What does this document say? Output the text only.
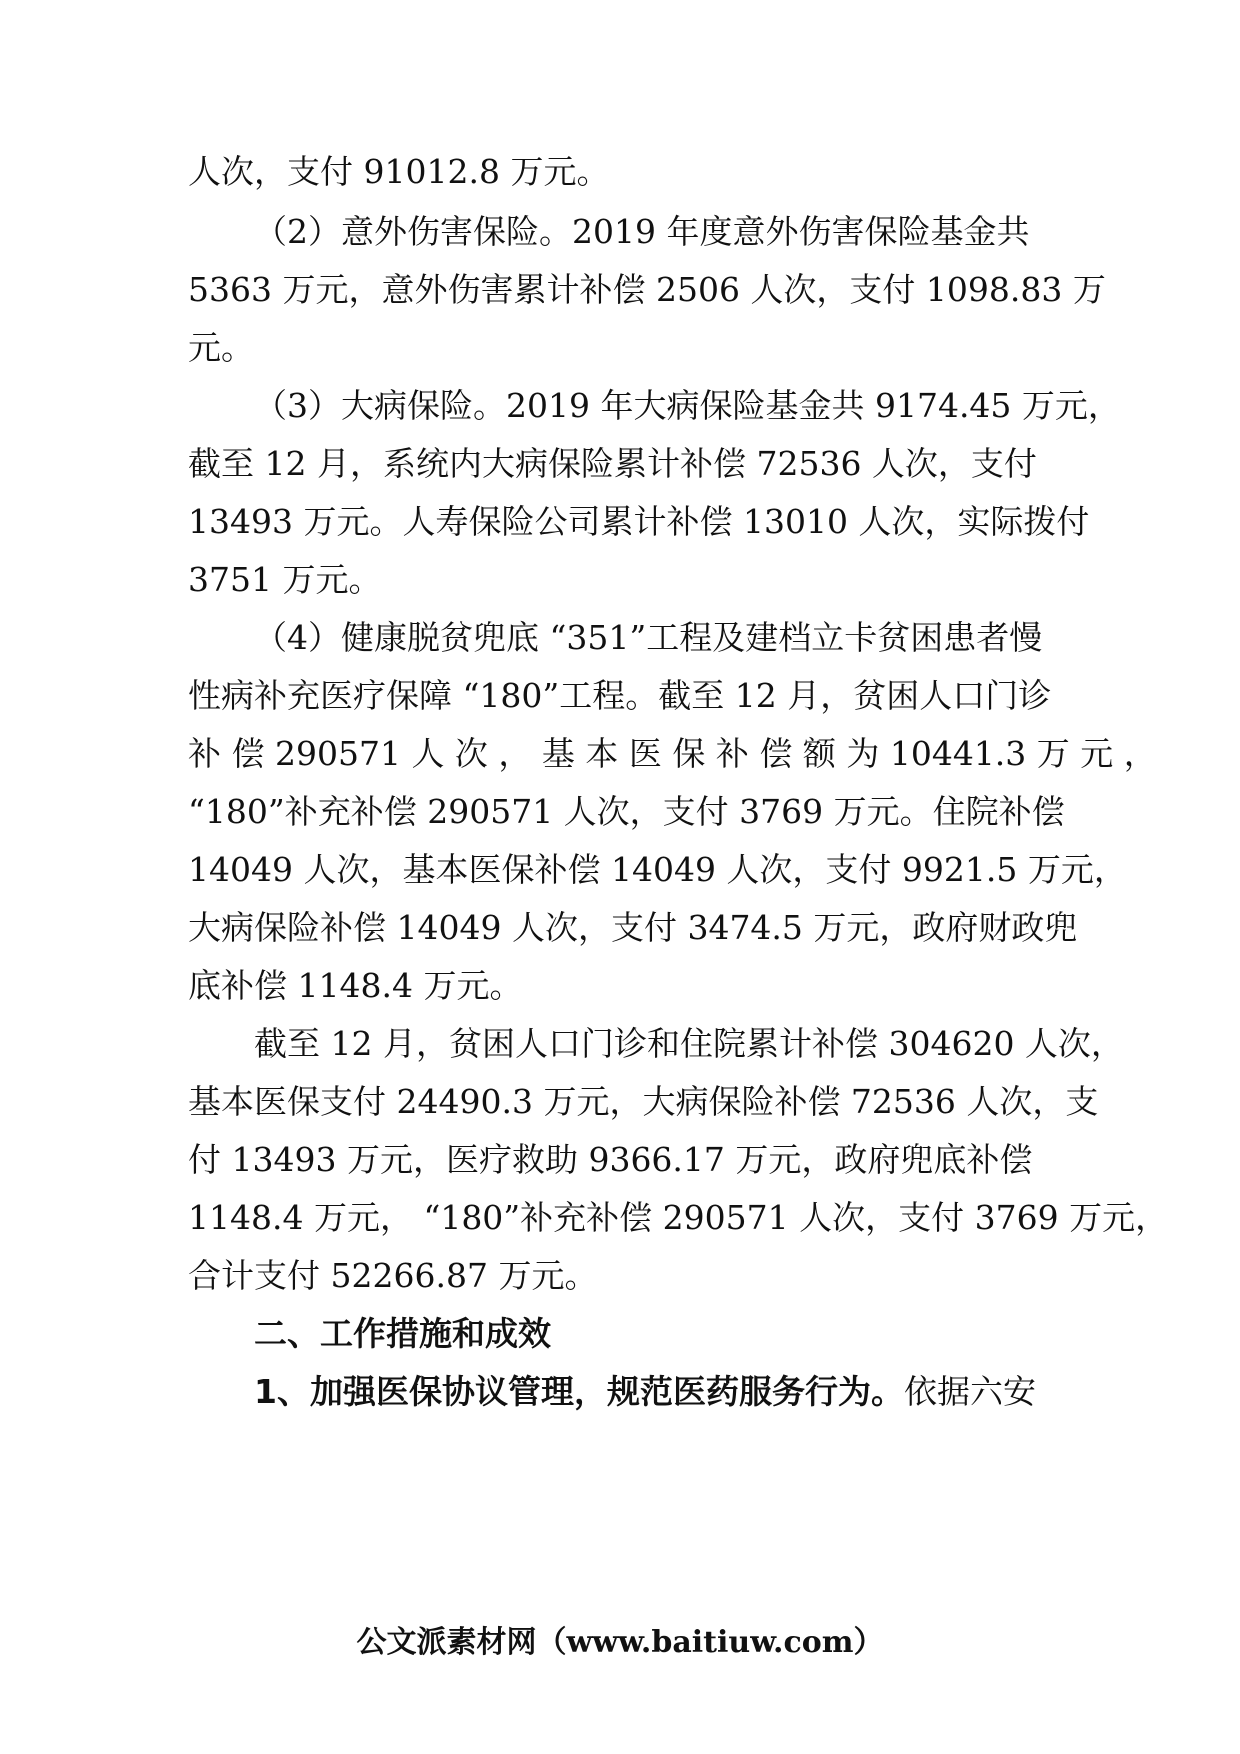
人次，支付 91012.8 万元。
（2）意外伤害保险。2019 年度意外伤害保险基金共
5363 万元，意外伤害累计补偿 2506 人次，支付 1098.83 万
元。
（3）大病保险。2019 年大病保险基金共 9174.45 万元，
截至 12 月，系统内大病保险累计补偿 72536 人次，支付
13493 万元。人寿保险公司累计补偿 13010 人次，实际拨付
3751 万元。
（4）健康脱贫兜底 “351”工程及建档立卡贫困患者慢
性病补充医疗保障 “180”工程。截至 12 月，贫困人口门诊
补 偿 290571 人 次 ， 基 本 医 保 补 偿 额 为 10441.3 万 元 ，
“180”补充补偿 290571 人次，支付 3769 万元。住院补偿
14049 人次，基本医保补偿 14049 人次，支付 9921.5 万元，
大病保险补偿 14049 人次，支付 3474.5 万元，政府财政兜
底补偿 1148.4 万元。
截至 12 月，贫困人口门诊和住院累计补偿 304620 人次，
基本医保支付 24490.3 万元，大病保险补偿 72536 人次，支
付 13493 万元，医疗救助 9366.17 万元，政府兜底补偿
1148.4 万元， “180”补充补偿 290571 人次，支付 3769 万元，
合计支付 52266.87 万元。
二、工作措施和成效
1、加强医保协议管理，规范医药服务行为。依据六安
公文派素材网（www.baitiuw.com）
